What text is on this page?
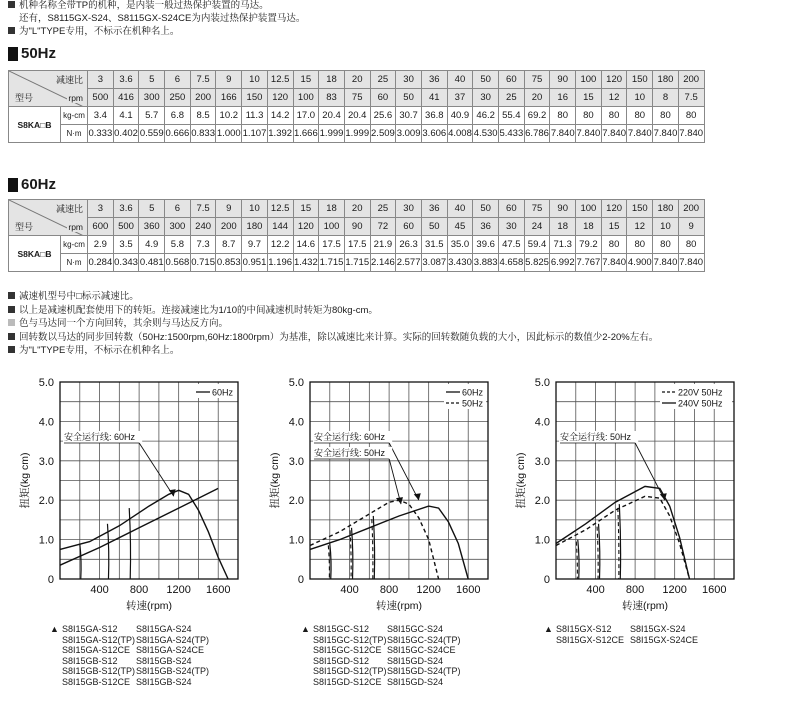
机种名称全带TP的机种，是内装一般过热保护装置的马达。
还有，S8115GX-S24、S8115GX-S24CE为内装过热保护装置马达。
为"L"TYPE专用，不标示在机种名上。
50Hz
减速比
型号 rpm		3	3.6	5	6	7.5	9	10	12.5	15	18	20	25	30	36	40	50	60	75	90	100	120	150	180	200
		500	416	300	250	200	166	150	120	100	83	75	60	50	41	37	30	25	20	16	15	12	10	8	7.5
S8KA□B	kg-cm	3.4	4.1	5.7	6.8	8.5	10.2	11.3	14.2	17.0	20.4	20.4	25.6	30.7	36.8	40.9	46.2	55.4	69.2	80	80	80	80	80	80
	N·m	0.333	0.402	0.559	0.666	0.833	1.000	1.107	1.392	1.666	1.999	1.999	2.509	3.009	3.606	4.008	4.530	5.433	6.786	7.840	7.840	7.840	7.840	7.840	7.840
60Hz
减速比
型号 rpm		3	3.6	5	6	7.5	9	10	12.5	15	18	20	25	30	36	40	50	60	75	90	100	120	150	180	200
		600	500	360	300	240	200	180	144	120	100	90	72	60	50	45	36	30	24	18	18	15	12	10	9
S8KA□B	kg-cm	2.9	3.5	4.9	5.8	7.3	8.7	9.7	12.2	14.6	17.5	17.5	21.9	26.3	31.5	35.0	39.6	47.5	59.4	71.3	79.2	80	80	80	80
	N·m	0.284	0.343	0.481	0.568	0.715	0.853	0.951	1.196	1.432	1.715	1.715	2.146	2.577	3.087	3.430	3.883	4.658	5.825	6.992	7.767	7.840	4.900	7.840	7.840
减速机型号中□标示减速比。
以上是减速机配套使用下的转矩。连接减速比为1/10的中间减速机时转矩为80kg-cm。
色与马达同一个方向回转，其余则与马达反方向。
回转数以马达的同步回转数（50Hz:1500rpm,60Hz:1800rpm）为基准，除以减速比来计算。实际的回转数随负载的大小，因此标示的数值少2-20%左右。
为"L"TYPE专用，不标示在机种名上。
0
1.0
2.0
3.0
4.0
5.0
400 800 1200 1600
转速(rpm)
扭矩(kg cm)
60Hz
安全运行线: 60Hz
0
1.0
2.0
3.0
4.0
5.0
400 800 1200 1600
转速(rpm)
扭矩(kg cm)
60Hz
50Hz
安全运行线: 60Hz
安全运行线: 50Hz
0
1.0
2.0
3.0
4.0
5.0
400 800 1200 1600
转速(rpm)
扭矩(kg cm)
220V 50Hz
240V 50Hz
安全运行线: 50Hz
▲ S8I15GA-S12 S8I15GA-S24
S8I15GA-S12(TP)S8I15GA-S24(TP)
S8I15GA-S12CE S8I15GA-S24CE
S8I15GB-S12 S8I15GB-S24
S8I15GB-S12(TP)S8I15GB-S24(TP)
S8I15GB-S12CE S8I15GB-S24
▲ S8I15GC-S12 S8I15GC-S24
S8I15GC-S12(TP)S8I15GC-S24(TP)
S8I15GC-S12CE S8I15GC-S24CE
S8I15GD-S12 S8I15GD-S24
S8I15GD-S12(TP)S8I15GD-S24(TP)
S8I15GD-S12CE S8I15GD-S24
▲ S8I15GX-S12 S8I15GX-S24
S8I15GX-S12CE S8I15GX-S24CE
